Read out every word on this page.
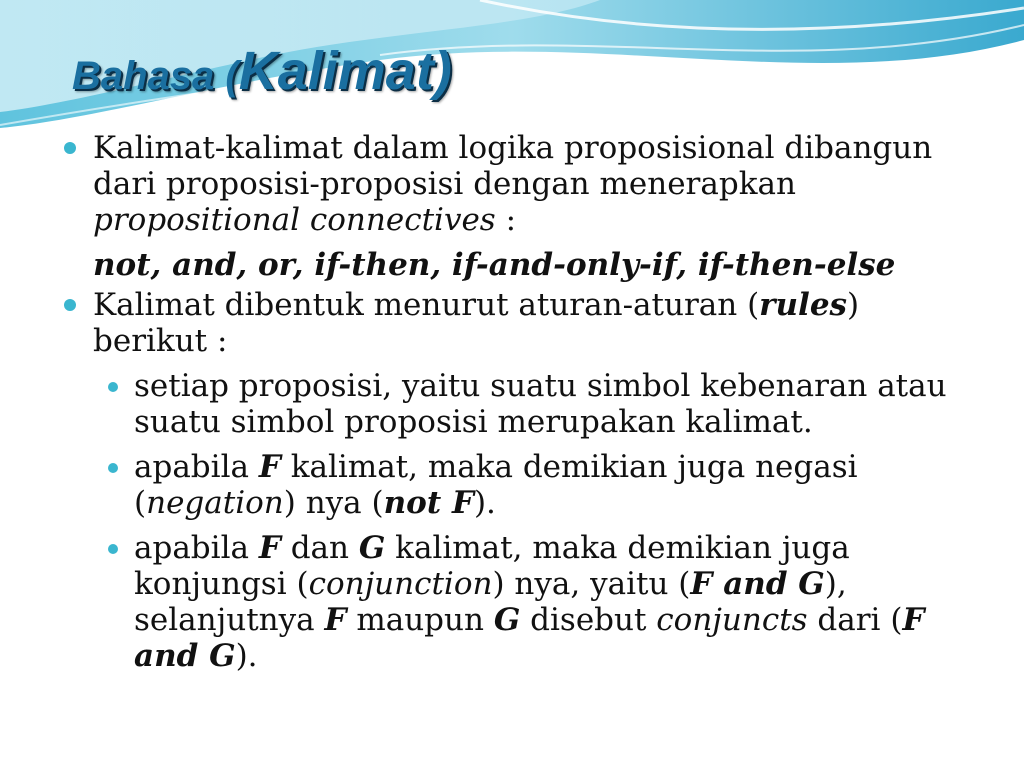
Bahasa (Kalimat)
Kalimat-kalimat dalam logika proposisional dibangun
dari proposisi-proposisi dengan menerapkan
propositional connectives :
not, and, or, if-then, if-and-only-if, if-then-else
Kalimat dibentuk menurut aturan-aturan (rules)
berikut :
setiap proposisi, yaitu suatu simbol kebenaran atau
suatu simbol proposisi merupakan kalimat.
apabila F kalimat, maka demikian juga negasi
(negation) nya (not F).
apabila F dan G kalimat, maka demikian juga
konjungsi (conjunction) nya, yaitu (F and G),
selanjutnya F maupun G disebut conjuncts dari (F
and G).
